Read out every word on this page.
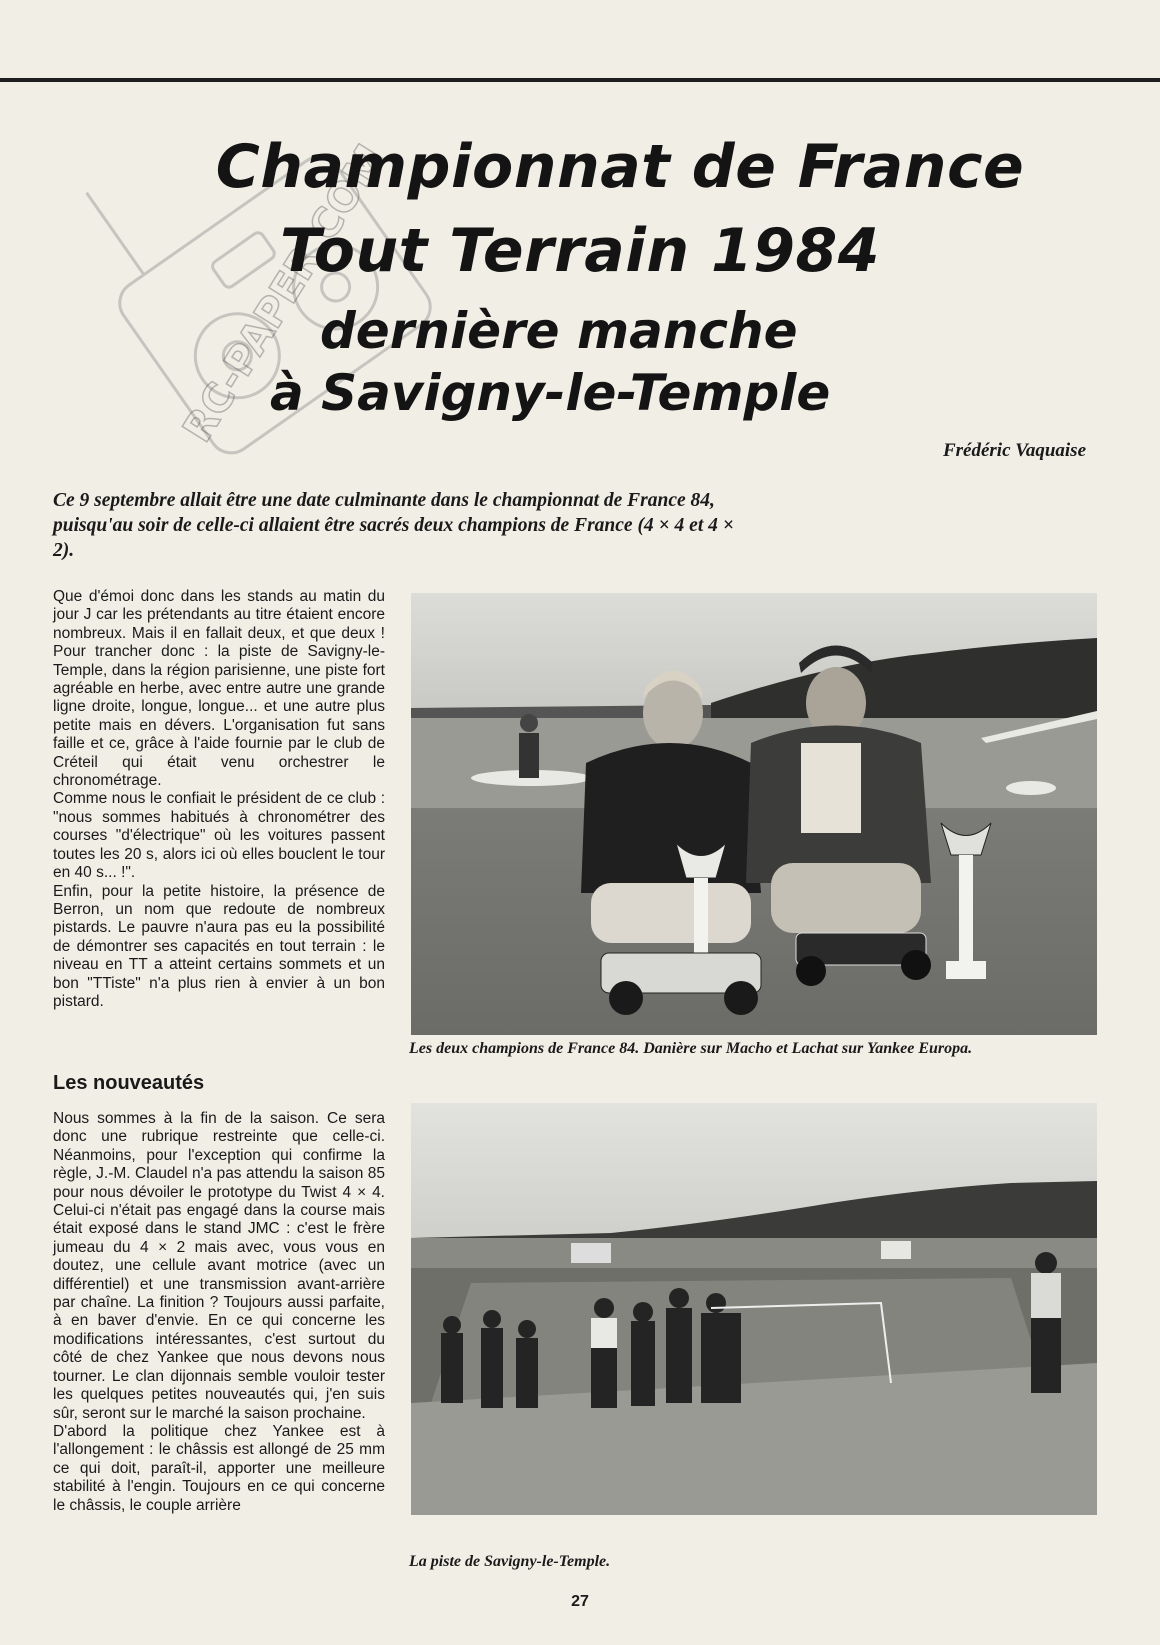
RC-PAPER.COM
Championnat de France
Tout Terrain 1984
dernière manche
à Savigny-le-Temple
Frédéric Vaquaise

Ce 9 septembre allait être une date culminante dans le championnat de France 84, puisqu'au soir de celle-ci allaient être sacrés deux champions de France (4 × 4 et 4 × 2).

Que d'émoi donc dans les stands au matin du jour J car les prétendants au titre étaient encore nombreux. Mais il en fallait deux, et que deux ! Pour trancher donc : la piste de Savigny-le-Temple, dans la région parisienne, une piste fort agréable en herbe, avec entre autre une grande ligne droite, longue, longue... et une autre plus petite mais en dévers. L'organisation fut sans faille et ce, grâce à l'aide fournie par le club de Créteil qui était venu orchestrer le chronométrage.

Comme nous le confiait le président de ce club : "nous sommes habitués à chronométrer des courses "d'électrique" où les voitures passent toutes les 20 s, alors ici où elles bouclent le tour en 40 s... !".

Enfin, pour la petite histoire, la présence de Berron, un nom que redoute de nombreux pistards. Le pauvre n'aura pas eu la possibilité de démontrer ses capacités en tout terrain : le niveau en TT a atteint certains sommets et un bon "TTiste" n'a plus rien à envier à un bon pistard.

Les nouveautés

Nous sommes à la fin de la saison. Ce sera donc une rubrique restreinte que celle-ci. Néanmoins, pour l'exception qui confirme la règle, J.-M. Claudel n'a pas attendu la saison 85 pour nous dévoiler le prototype du Twist 4 × 4. Celui-ci n'était pas engagé dans la course mais était exposé dans le stand JMC : c'est le frère jumeau du 4 × 2 mais avec, vous vous en doutez, une cellule avant motrice (avec un différentiel) et une transmission avant-arrière par chaîne. La finition ? Toujours aussi parfaite, à en baver d'envie. En ce qui concerne les modifications intéressantes, c'est surtout du côté de chez Yankee que nous devons nous tourner. Le clan dijonnais semble vouloir tester les quelques petites nouveautés qui, j'en suis sûr, seront sur le marché la saison prochaine.

D'abord la politique chez Yankee est à l'allongement : le châssis est allongé de 25 mm ce qui doit, paraît-il, apporter une meilleure stabilité à l'engin. Toujours en ce qui concerne le châssis, le couple arrière

Les deux champions de France 84. Danière sur Macho et Lachat sur Yankee Europa.

La piste de Savigny-le-Temple.

27
